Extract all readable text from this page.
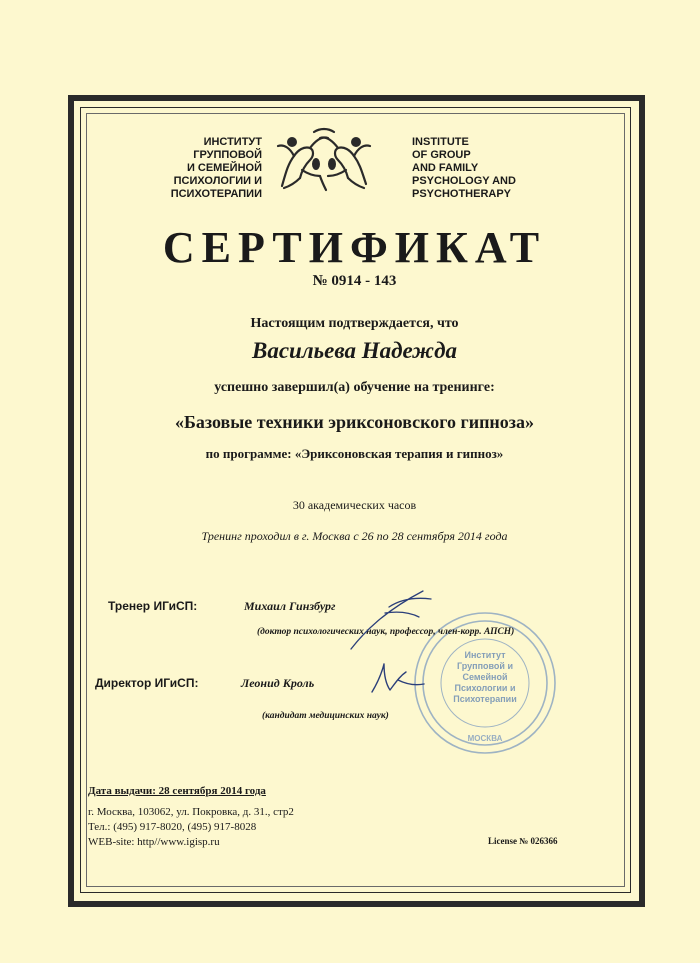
ИНСТИТУТ
ГРУППОВОЙ
И СЕМЕЙНОЙ
ПСИХОЛОГИИ И
ПСИХОТЕРАПИИ
INSTITUTE
OF GROUP
AND FAMILY
PSYCHOLOGY AND
PSYCHOTHERAPY
СЕРТИФИКАТ
№ 0914 - 143
Настоящим подтверждается, что
Васильева Надежда
успешно завершил(а) обучение на тренинге:
«Базовые техники эриксоновского гипноза»
по программе: «Эриксоновская терапия и гипноз»
30 академических часов
Тренинг проходил в г. Москва с 26 по 28 сентября 2014 года
МОСКВА
Институт Групповой и Семейной Психологии и Психотерапии
Тренер ИГиСП:	Михаил Гинзбург
(доктор психологических наук, профессор, член-корр. АПСН)
Директор ИГиСП:	Леонид Кроль
(кандидат медицинских наук)
Дата выдачи: 28 сентября 2014 года
г. Москва, 103062, ул. Покровка, д. 31., стр2
Тел.: (495) 917-8020, (495) 917-8028
WEB-site: http//www.igisp.ru	License № 026366
